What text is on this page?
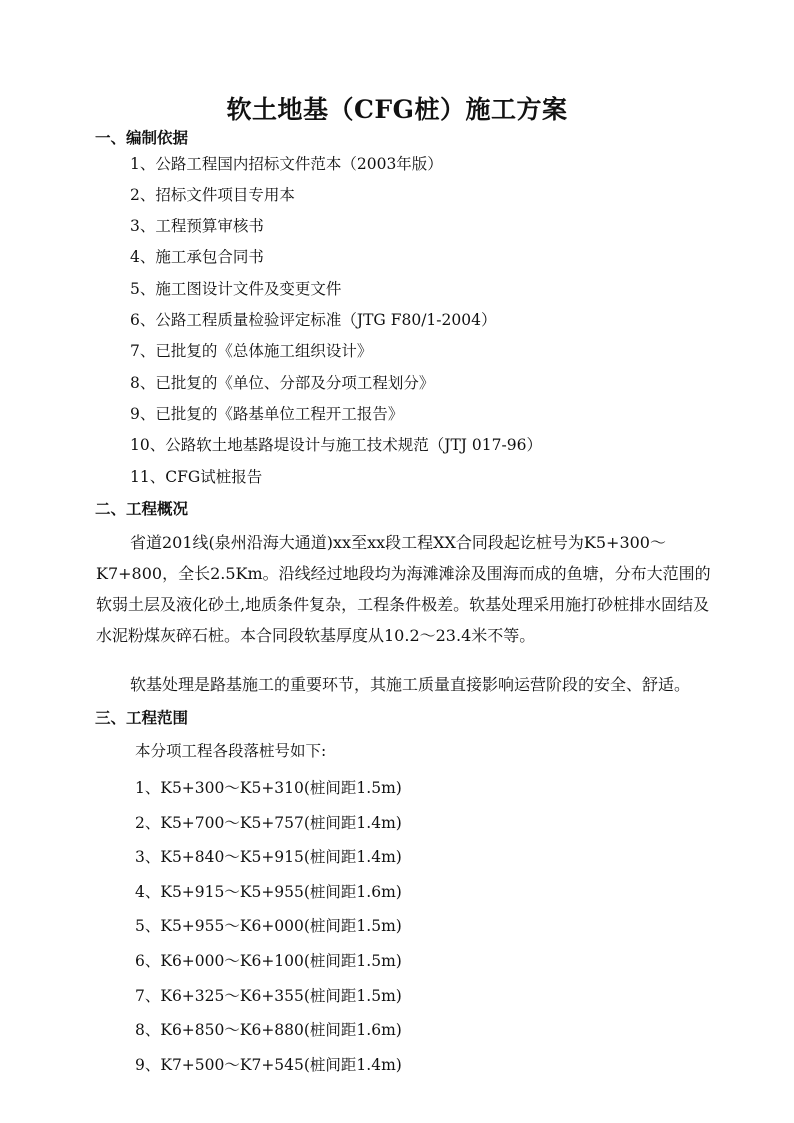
软土地基（CFG桩）施工方案
一、编制依据
1、公路工程国内招标文件范本（2003年版）
2、招标文件项目专用本
3、工程预算审核书
4、施工承包合同书
5、施工图设计文件及变更文件
6、公路工程质量检验评定标准（JTG F80/1-2004）
7、已批复的《总体施工组织设计》
8、已批复的《单位、分部及分项工程划分》
9、已批复的《路基单位工程开工报告》
10、公路软土地基路堤设计与施工技术规范（JTJ 017-96）
11、CFG试桩报告
二、工程概况
省道201线(泉州沿海大通道)xx至xx段工程XX合同段起讫桩号为K5+300～K7+800，全长2.5Km。沿线经过地段均为海滩滩涂及围海而成的鱼塘，分布大范围的软弱土层及液化砂土,地质条件复杂，工程条件极差。软基处理采用施打砂桩排水固结及水泥粉煤灰碎石桩。本合同段软基厚度从10.2～23.4米不等。
软基处理是路基施工的重要环节，其施工质量直接影响运营阶段的安全、舒适。
三、工程范围
本分项工程各段落桩号如下:
1、K5+300～K5+310(桩间距1.5m)
2、K5+700～K5+757(桩间距1.4m)
3、K5+840～K5+915(桩间距1.4m)
4、K5+915～K5+955(桩间距1.6m)
5、K5+955～K6+000(桩间距1.5m)
6、K6+000～K6+100(桩间距1.5m)
7、K6+325～K6+355(桩间距1.5m)
8、K6+850～K6+880(桩间距1.6m)
9、K7+500～K7+545(桩间距1.4m)
